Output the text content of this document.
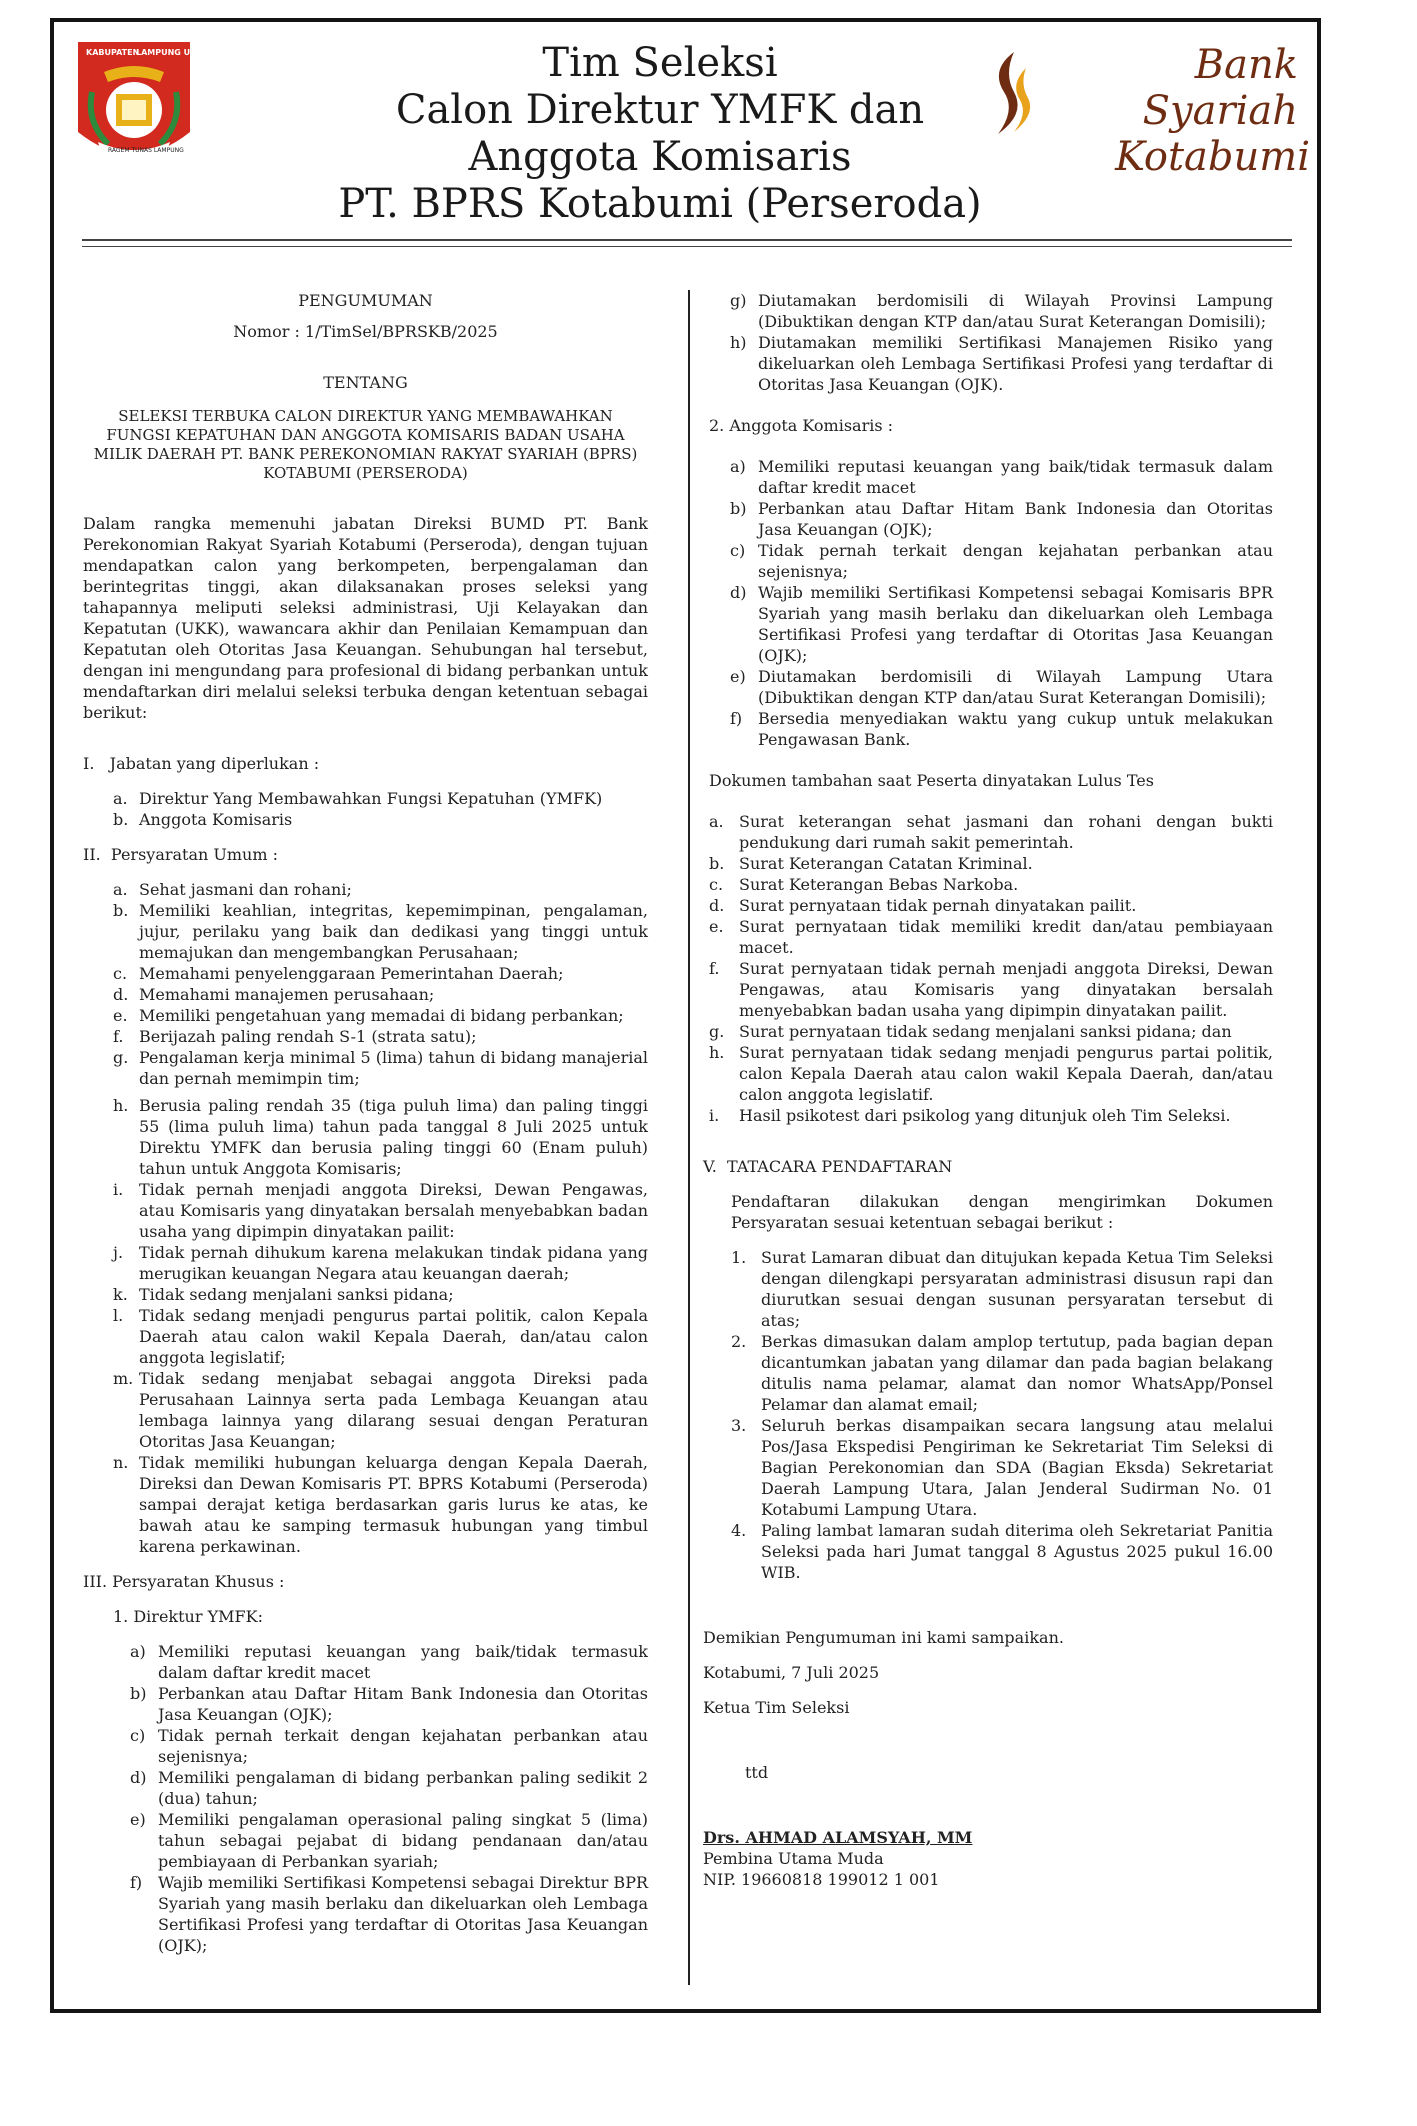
KABUPATEN
LAMPUNG UTARA
RAGEM TUNAS LAMPUNG
Tim Seleksi
Calon Direktur YMFK dan
Anggota Komisaris
PT. BPRS Kotabumi (Perseroda)
Bank Syariah
Kotabumi
PENGUMUMAN
Nomor : 1/TimSel/BPRSKB/2025
TENTANG
SELEKSI TERBUKA CALON DIREKTUR YANG MEMBAWAHKAN
FUNGSI KEPATUHAN DAN ANGGOTA KOMISARIS BADAN USAHA
MILIK DAERAH PT. BANK PEREKONOMIAN RAKYAT SYARIAH (BPRS)
KOTABUMI (PERSERODA)
Dalam rangka memenuhi jabatan Direksi BUMD PT. Bank Perekonomian Rakyat Syariah Kotabumi (Perseroda), dengan tujuan mendapatkan calon yang berkompeten, berpengalaman dan berintegritas tinggi, akan dilaksanakan proses seleksi yang tahapannya meliputi seleksi administrasi, Uji Kelayakan dan Kepatutan (UKK), wawancara akhir dan Penilaian Kemampuan dan Kepatutan oleh Otoritas Jasa Keuangan. Sehubungan hal tersebut, dengan ini mengundang para profesional di bidang perbankan untuk mendaftarkan diri melalui seleksi terbuka dengan ketentuan sebagai berikut:
I.   Jabatan yang diperlukan :
a. Direktur Yang Membawahkan Fungsi Kepatuhan (YMFK)
b. Anggota Komisaris
II.  Persyaratan Umum :
a. Sehat jasmani dan rohani;
b. Memiliki keahlian, integritas, kepemimpinan, pengalaman, jujur, perilaku yang baik dan dedikasi yang tinggi untuk memajukan dan mengembangkan Perusahaan;
c. Memahami penyelenggaraan Pemerintahan Daerah;
d. Memahami manajemen perusahaan;
e. Memiliki pengetahuan yang memadai di bidang perbankan;
f. Berijazah paling rendah S-1 (strata satu);
g. Pengalaman kerja minimal 5 (lima) tahun di bidang manajerial dan pernah memimpin tim;
h. Berusia paling rendah 35 (tiga puluh lima) dan paling tinggi 55 (lima puluh lima) tahun pada tanggal 8 Juli 2025 untuk Direktu YMFK dan berusia paling tinggi 60 (Enam puluh) tahun untuk Anggota Komisaris;
i. Tidak pernah menjadi anggota Direksi, Dewan Pengawas, atau Komisaris yang dinyatakan bersalah menyebabkan badan usaha yang dipimpin dinyatakan pailit:
j. Tidak pernah dihukum karena melakukan tindak pidana yang merugikan keuangan Negara atau keuangan daerah;
k. Tidak sedang menjalani sanksi pidana;
l. Tidak sedang menjadi pengurus partai politik, calon Kepala Daerah atau calon wakil Kepala Daerah, dan/atau calon anggota legislatif;
m. Tidak sedang menjabat sebagai anggota Direksi pada Perusahaan Lainnya serta pada Lembaga Keuangan atau lembaga lainnya yang dilarang sesuai dengan Peraturan Otoritas Jasa Keuangan;
n. Tidak memiliki hubungan keluarga dengan Kepala Daerah, Direksi dan Dewan Komisaris PT. BPRS Kotabumi (Perseroda) sampai derajat ketiga berdasarkan garis lurus ke atas, ke bawah atau ke samping termasuk hubungan yang timbul karena perkawinan.
III. Persyaratan Khusus :
1. Direktur YMFK:
a) Memiliki reputasi keuangan yang baik/tidak termasuk dalam daftar kredit macet
b) Perbankan atau Daftar Hitam Bank Indonesia dan Otoritas Jasa Keuangan (OJK);
c) Tidak pernah terkait dengan kejahatan perbankan atau sejenisnya;
d) Memiliki pengalaman di bidang perbankan paling sedikit 2 (dua) tahun;
e) Memiliki pengalaman operasional paling singkat 5 (lima) tahun sebagai pejabat di bidang pendanaan dan/atau pembiayaan di Perbankan syariah;
f) Wajib memiliki Sertifikasi Kompetensi sebagai Direktur BPR Syariah yang masih berlaku dan dikeluarkan oleh Lembaga Sertifikasi Profesi yang terdaftar di Otoritas Jasa Keuangan (OJK);
g) Diutamakan berdomisili di Wilayah Provinsi Lampung (Dibuktikan dengan KTP dan/atau Surat Keterangan Domisili);
h) Diutamakan memiliki Sertifikasi Manajemen Risiko yang dikeluarkan oleh Lembaga Sertifikasi Profesi yang terdaftar di Otoritas Jasa Keuangan (OJK).
2. Anggota Komisaris :
a) Memiliki reputasi keuangan yang baik/tidak termasuk dalam daftar kredit macet
b) Perbankan atau Daftar Hitam Bank Indonesia dan Otoritas Jasa Keuangan (OJK);
c) Tidak pernah terkait dengan kejahatan perbankan atau sejenisnya;
d) Wajib memiliki Sertifikasi Kompetensi sebagai Komisaris BPR Syariah yang masih berlaku dan dikeluarkan oleh Lembaga Sertifikasi Profesi yang terdaftar di Otoritas Jasa Keuangan (OJK);
e) Diutamakan berdomisili di Wilayah Lampung Utara (Dibuktikan dengan KTP dan/atau Surat Keterangan Domisili);
f) Bersedia menyediakan waktu yang cukup untuk melakukan Pengawasan Bank.
Dokumen tambahan saat Peserta dinyatakan Lulus Tes
a. Surat keterangan sehat jasmani dan rohani dengan bukti pendukung dari rumah sakit pemerintah.
b. Surat Keterangan Catatan Kriminal.
c. Surat Keterangan Bebas Narkoba.
d. Surat pernyataan tidak pernah dinyatakan pailit.
e. Surat pernyataan tidak memiliki kredit dan/atau pembiayaan macet.
f.	Surat pernyataan tidak pernah menjadi anggota Direksi, Dewan Pengawas, atau Komisaris yang dinyatakan bersalah menyebabkan badan usaha yang dipimpin dinyatakan pailit.
g. Surat pernyataan tidak sedang menjalani sanksi pidana; dan
h. Surat pernyataan tidak sedang menjadi pengurus partai politik, calon Kepala Daerah atau calon wakil Kepala Daerah, dan/atau calon anggota legislatif.
i.	Hasil psikotest dari psikolog yang ditunjuk oleh Tim Seleksi.
V.  TATACARA PENDAFTARAN
Pendaftaran dilakukan dengan mengirimkan Dokumen Persyaratan sesuai ketentuan sebagai berikut :
1. Surat Lamaran dibuat dan ditujukan kepada Ketua Tim Seleksi dengan dilengkapi persyaratan administrasi disusun rapi dan diurutkan sesuai dengan susunan persyaratan tersebut di atas;
2. Berkas dimasukan dalam amplop tertutup, pada bagian depan dicantumkan jabatan yang dilamar dan pada bagian belakang ditulis nama pelamar, alamat dan nomor WhatsApp/Ponsel Pelamar dan alamat email;
3. Seluruh berkas disampaikan secara langsung atau melalui Pos/Jasa Ekspedisi Pengiriman ke Sekretariat Tim Seleksi di Bagian Perekonomian dan SDA (Bagian Eksda) Sekretariat Daerah Lampung Utara, Jalan Jenderal Sudirman No. 01 Kotabumi Lampung Utara.
4. Paling lambat lamaran sudah diterima oleh Sekretariat Panitia Seleksi pada hari Jumat tanggal 8 Agustus 2025 pukul 16.00 WIB.
Demikian Pengumuman ini kami sampaikan.
Kotabumi, 7 Juli 2025
Ketua Tim Seleksi
ttd
Drs. AHMAD ALAMSYAH, MM
Pembina Utama Muda
NIP. 19660818 199012 1 001
